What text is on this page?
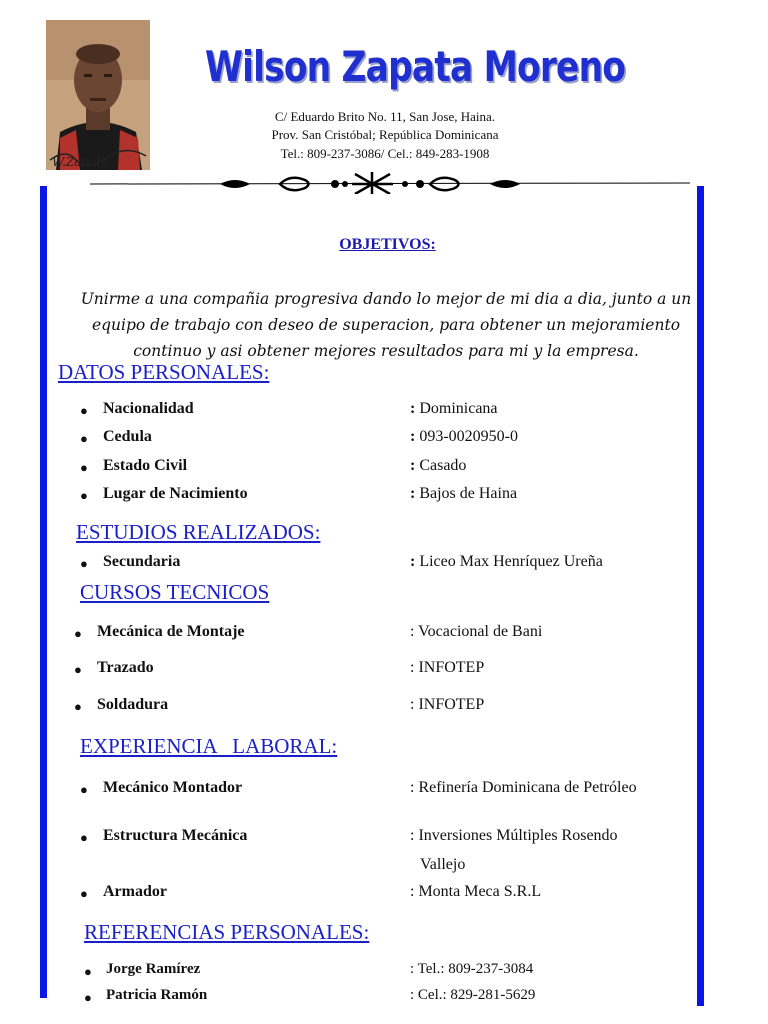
W.Zapata
Wilson Zapata Moreno
C/ Eduardo Brito No. 11, San Jose, Haina.
Prov. San Cristóbal; República Dominicana
Tel.: 809-237-3086/ Cel.: 849-283-1908
OBJETIVOS:
Unirme a una compañia progresiva dando lo mejor de mi dia a dia, junto a un
equipo de trabajo con deseo de superacion, para obtener un mejoramiento
continuo y asi obtener mejores resultados para mi y la empresa.
DATOS PERSONALES:
● Nacionalidad	: Dominicana
● Cedula	: 093-0020950-0
● Estado Civil	: Casado
● Lugar de Nacimiento	: Bajos de Haina
ESTUDIOS REALIZADOS:
● Secundaria	: Liceo Max Henríquez Ureña
CURSOS TECNICOS
● Mecánica de Montaje	: Vocacional de Bani
● Trazado	: INFOTEP
● Soldadura	: INFOTEP
EXPERIENCIA   LABORAL:
● Mecánico Montador	: Refinería Dominicana de Petróleo
● Estructura Mecánica	: Inversiones Múltiples Rosendo
Vallejo
● Armador	: Monta Meca S.R.L
REFERENCIAS PERSONALES:
● Jorge Ramírez	: Tel.: 809-237-3084
● Patricia Ramón	: Cel.: 829-281-5629
